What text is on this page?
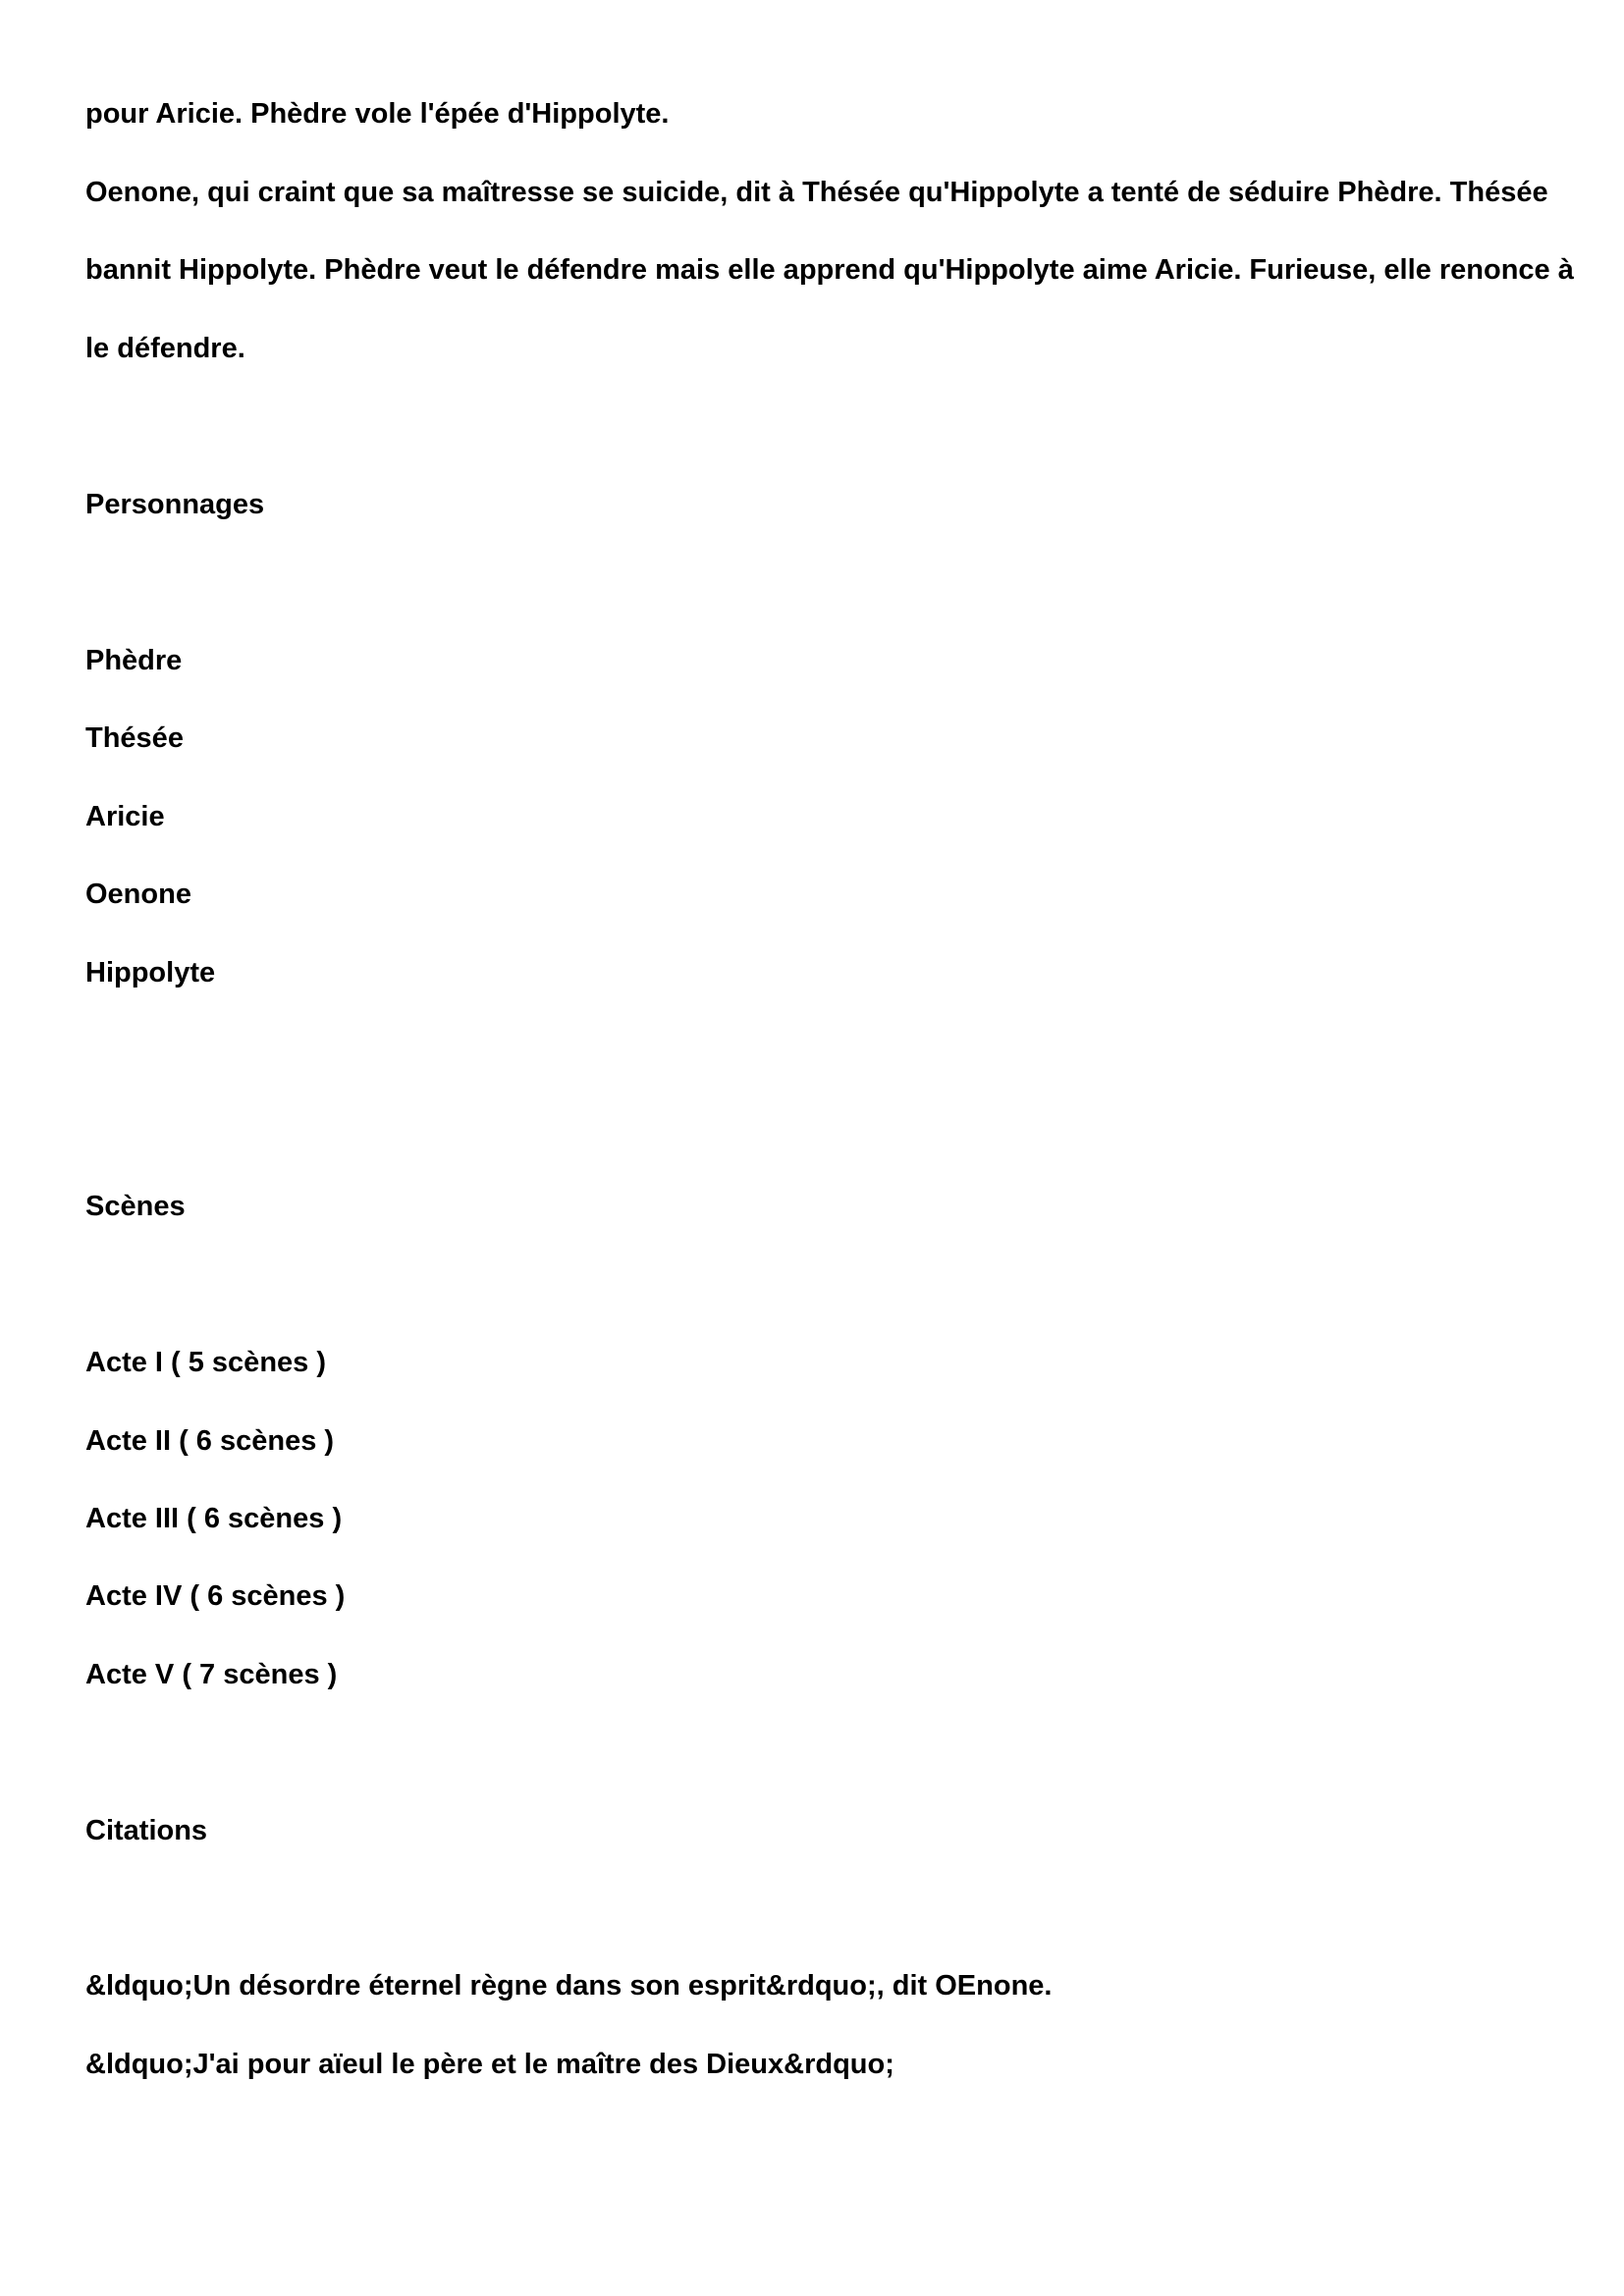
pour Aricie. Phèdre vole l'épée d'Hippolyte.

Oenone, qui craint que sa maîtresse se suicide, dit à Thésée qu'Hippolyte a tenté de séduire Phèdre. Thésée

bannit Hippolyte. Phèdre veut le défendre mais elle apprend qu'Hippolyte aime Aricie. Furieuse, elle renonce à

le défendre.

Personnages

Phèdre

Thésée

Aricie

Oenone

Hippolyte

Scènes

Acte I ( 5 scènes )

Acte II ( 6 scènes )

Acte III ( 6 scènes )

Acte IV ( 6 scènes )

Acte V ( 7 scènes )

Citations

&ldquo;Un désordre éternel règne dans son esprit&rdquo;, dit OEnone.

&ldquo;J'ai pour aïeul le père et le maître des Dieux&rdquo;
